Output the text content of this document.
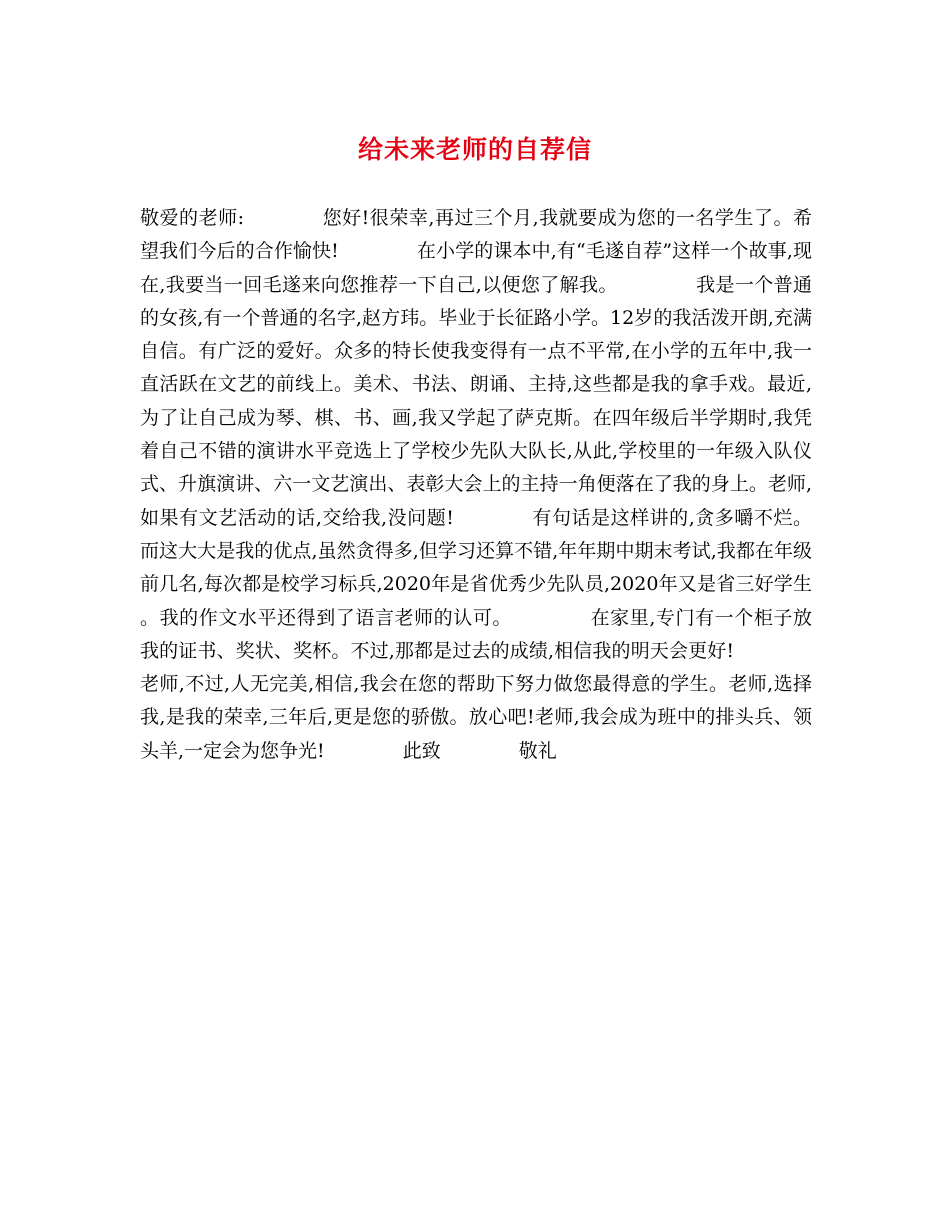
给未来老师的自荐信

敬爱的老师:	您好!很荣幸,再过三个月,我就要成为您的一名学生了。希望我们今后的合作愉快!	在小学的课本中,有“毛遂自荐”这样一个故事,现在,我要当一回毛遂来向您推荐一下自己,以便您了解我。	我是一个普通的女孩,有一个普通的名字,赵方玮。毕业于长征路小学。12岁的我活泼开朗,充满自信。有广泛的爱好。众多的特长使我变得有一点不平常,在小学的五年中,我一直活跃在文艺的前线上。美术、书法、朗诵、主持,这些都是我的拿手戏。最近,为了让自己成为琴、棋、书、画,我又学起了萨克斯。在四年级后半学期时,我凭着自己不错的演讲水平竞选上了学校少先队大队长,从此,学校里的一年级入队仪式、升旗演讲、六一文艺演出、表彰大会上的主持一角便落在了我的身上。老师,如果有文艺活动的话,交给我,没问题!	有句话是这样讲的,贪多嚼不烂。而这大大是我的优点,虽然贪得多,但学习还算不错,年年期中期末考试,我都在年级前几名,每次都是校学习标兵,2020年是省优秀少先队员,2020年又是省三好学生。我的作文水平还得到了语言老师的认可。	在家里,专门有一个柜子放我的证书、奖状、奖杯。不过,那都是过去的成绩,相信我的明天会更好!老师,不过,人无完美,相信,我会在您的帮助下努力做您最得意的学生。老师,选择我,是我的荣幸,三年后,更是您的骄傲。放心吧!老师,我会成为班中的排头兵、领头羊,一定会为您争光!	此致	敬礼
